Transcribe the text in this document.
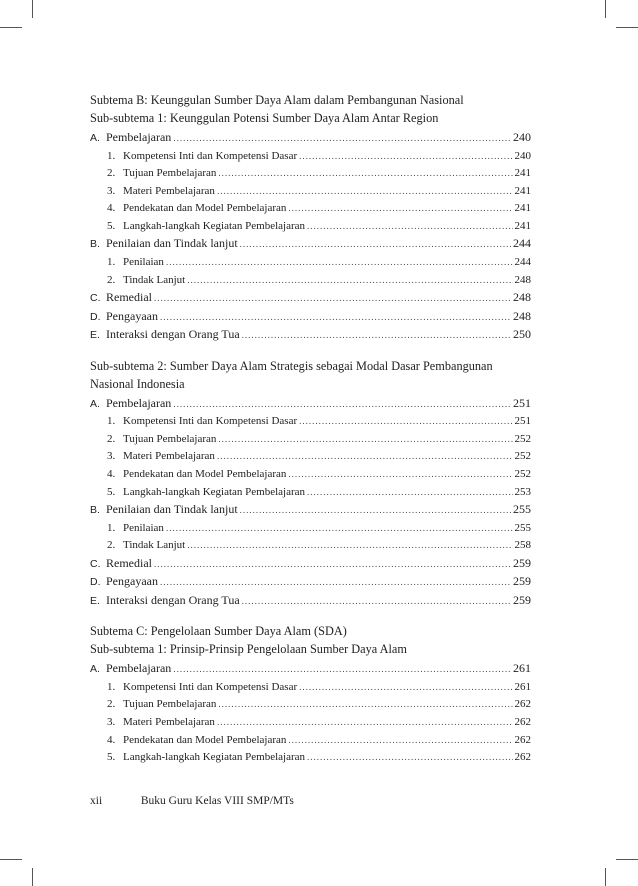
Subtema B: Keunggulan Sumber Daya Alam dalam Pembangunan Nasional

Sub-subtema 1: Keunggulan Potensi Sumber Daya Alam Antar Region

A. Pembelajaran .....	240
1. Kompetensi Inti dan Kompetensi Dasar .....	240
2. Tujuan Pembelajaran .....	241
3. Materi Pembelajaran .....	241
4. Pendekatan dan Model Pembelajaran .....	241
5. Langkah-langkah Kegiatan Pembelajaran .....	241
B. Penilaian dan Tindak lanjut .....	244
1. Penilaian .....	244
2. Tindak Lanjut .....	248
C. Remedial .....	248
D. Pengayaan .....	248
E. Interaksi dengan Orang Tua .....	250

Sub-subtema 2: Sumber Daya Alam Strategis sebagai Modal Dasar Pembangunan

Nasional Indonesia

A. Pembelajaran .....	251
1. Kompetensi Inti dan Kompetensi Dasar .....	251
2. Tujuan Pembelajaran .....	252
3. Materi Pembelajaran .....	252
4. Pendekatan dan Model Pembelajaran .....	252
5. Langkah-langkah Kegiatan Pembelajaran .....	253
B. Penilaian dan Tindak lanjut .....	255
1. Penilaian .....	255
2. Tindak Lanjut .....	258
C. Remedial .....	259
D. Pengayaan .....	259
E. Interaksi dengan Orang Tua .....	259

Subtema C: Pengelolaan Sumber Daya Alam (SDA)

Sub-subtema 1: Prinsip-Prinsip Pengelolaan Sumber Daya Alam

A. Pembelajaran .....	261
1. Kompetensi Inti dan Kompetensi Dasar .....	261
2. Tujuan Pembelajaran .....	262
3. Materi Pembelajaran .....	262
4. Pendekatan dan Model Pembelajaran .....	262
5. Langkah-langkah Kegiatan Pembelajaran .....	262
xii	Buku Guru Kelas VIII SMP/MTs
